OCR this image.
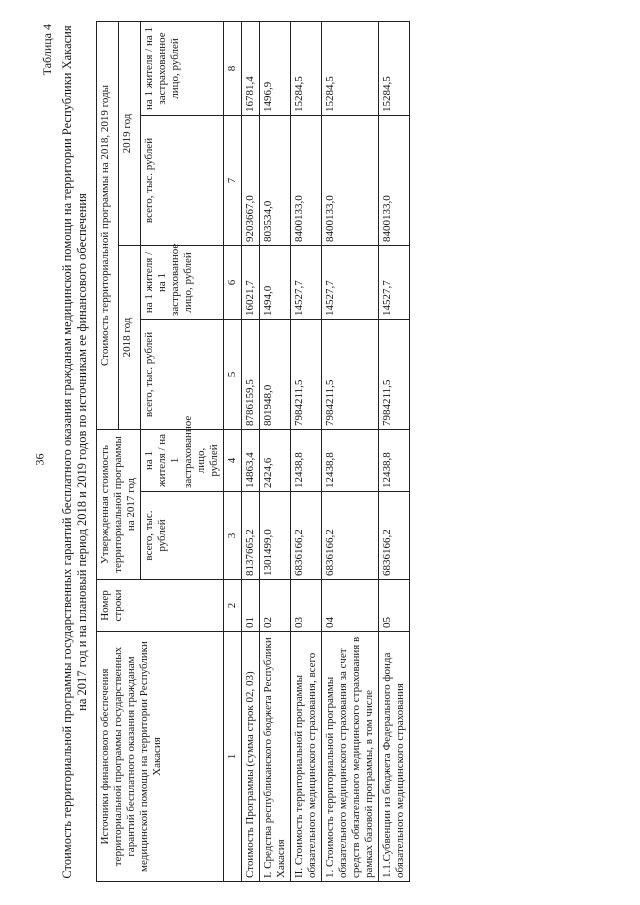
36
Таблица 4 Стоимость территориальной программы государственных гарантий бесплатного оказания гражданам медицинской помощи на территории Республики Хакасия на 2017 год и на плановый период 2018 и 2019 годов по источникам ее финансового обеспечения
Источники финансового обеспечения территориальной программы государственных гарантий бесплатного оказания гражданам медицинской помощи на территории Республики Хакасия	Номер строки	Утвержденная стоимость территориальной программы на 2017 год		Стоимость территориальной программы на 2018, 2019 годы			
				2018 год		2019 год	
		всего, тыс. рублей	на 1 жителя / на 1 застрахованное лицо, рублей	всего, тыс. рублей	на 1 жителя / на 1 застрахованное лицо, рублей	всего, тыс. рублей	на 1 жителя / на 1 застрахованное лицо, рублей
1	2	3	4	5	6	7	8
Стоимость Программы (сумма строк 02, 03)	01	8137665,2	14863,4	8786159,5	16021,7	9203667,0	16781,4
I. Средства республиканского бюджета Республики Хакасия	02	1301499,0	2424,6	801948,0	1494,0	803534,0	1496,9
II. Стоимость территориальной программы обязательного медицинского страхования, всего	03	6836166,2	12438,8	7984211,5	14527,7	8400133,0	15284,5
1. Стоимость территориальной программы обязательного медицинского страхования за счет средств обязательного медицинского страхования в рамках базовой программы, в том числе	04	6836166,2	12438,8	7984211,5	14527,7	8400133,0	15284,5
1.1.Субвенции из бюджета Федерального фонда обязательного медицинского страхования	05	6836166,2	12438,8	7984211,5	14527,7	8400133,0	15284,5
